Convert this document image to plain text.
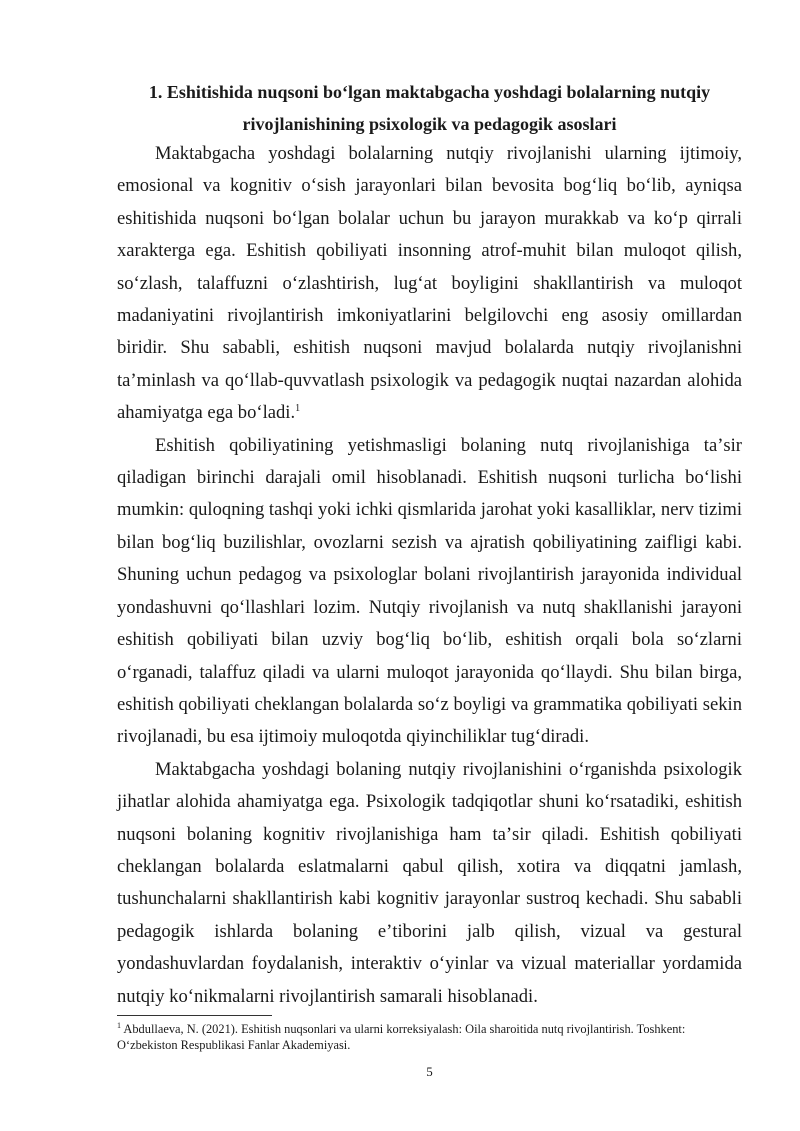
1. Eshitishida nuqsoni boʻlgan maktabgacha yoshdagi bolalarning nutqiy
rivojlanishining psixologik va pedagogik asoslari

Maktabgacha yoshdagi bolalarning nutqiy rivojlanishi ularning ijtimoiy, emosional va kognitiv oʻsish jarayonlari bilan bevosita bogʻliq boʻlib, ayniqsa eshitishida nuqsoni boʻlgan bolalar uchun bu jarayon murakkab va koʻp qirrali xarakterga ega. Eshitish qobiliyati insonning atrof-muhit bilan muloqot qilish, soʻzlash, talaffuzni oʻzlashtirish, lugʻat boyligini shakllantirish va muloqot madaniyatini rivojlantirish imkoniyatlarini belgilovchi eng asosiy omillardan biridir. Shu sababli, eshitish nuqsoni mavjud bolalarda nutqiy rivojlanishni taʼminlash va qoʻllab-quvvatlash psixologik va pedagogik nuqtai nazardan alohida ahamiyatga ega boʻladi.$^1$

Eshitish qobiliyatining yetishmasligi bolaning nutq rivojlanishiga taʼsir qiladigan birinchi darajali omil hisoblanadi. Eshitish nuqsoni turlicha boʻlishi mumkin: quloqning tashqi yoki ichki qismlarida jarohat yoki kasalliklar, nerv tizimi bilan bogʻliq buzilishlar, ovozlarni sezish va ajratish qobiliyatining zaifligi kabi. Shuning uchun pedagog va psixologlar bolani rivojlantirish jarayonida individual yondashuvni qoʻllashlari lozim. Nutqiy rivojlanish va nutq shakllanishi jarayoni eshitish qobiliyati bilan uzviy bogʻliq boʻlib, eshitish orqali bola soʻzlarni oʻrganadi, talaffuz qiladi va ularni muloqot jarayonida qoʻllaydi. Shu bilan birga, eshitish qobiliyati cheklangan bolalarda soʻz boyligi va grammatika qobiliyati sekin rivojlanadi, bu esa ijtimoiy muloqotda qiyinchiliklar tugʻdiradi.

Maktabgacha yoshdagi bolaning nutqiy rivojlanishini oʻrganishda psixologik jihatlar alohida ahamiyatga ega. Psixologik tadqiqotlar shuni koʻrsatadiki, eshitish nuqsoni bolaning kognitiv rivojlanishiga ham taʼsir qiladi. Eshitish qobiliyati cheklangan bolalarda eslatmalarni qabul qilish, xotira va diqqatni jamlash, tushunchalarni shakllantirish kabi kognitiv jarayonlar sustroq kechadi. Shu sababli pedagogik ishlarda bolaning eʼtiborini jalb qilish, vizual va gestural yondashuvlardan foydalanish, interaktiv oʻyinlar va vizual materiallar yordamida nutqiy koʻnikmalarni rivojlantirish samarali hisoblanadi.

$^1$ Abdullaeva, N. (2021). Eshitish nuqsonlari va ularni korreksiyalash: Oila sharoitida nutq rivojlantirish. Toshkent: Oʻzbekiston Respublikasi Fanlar Akademiyasi.

5
